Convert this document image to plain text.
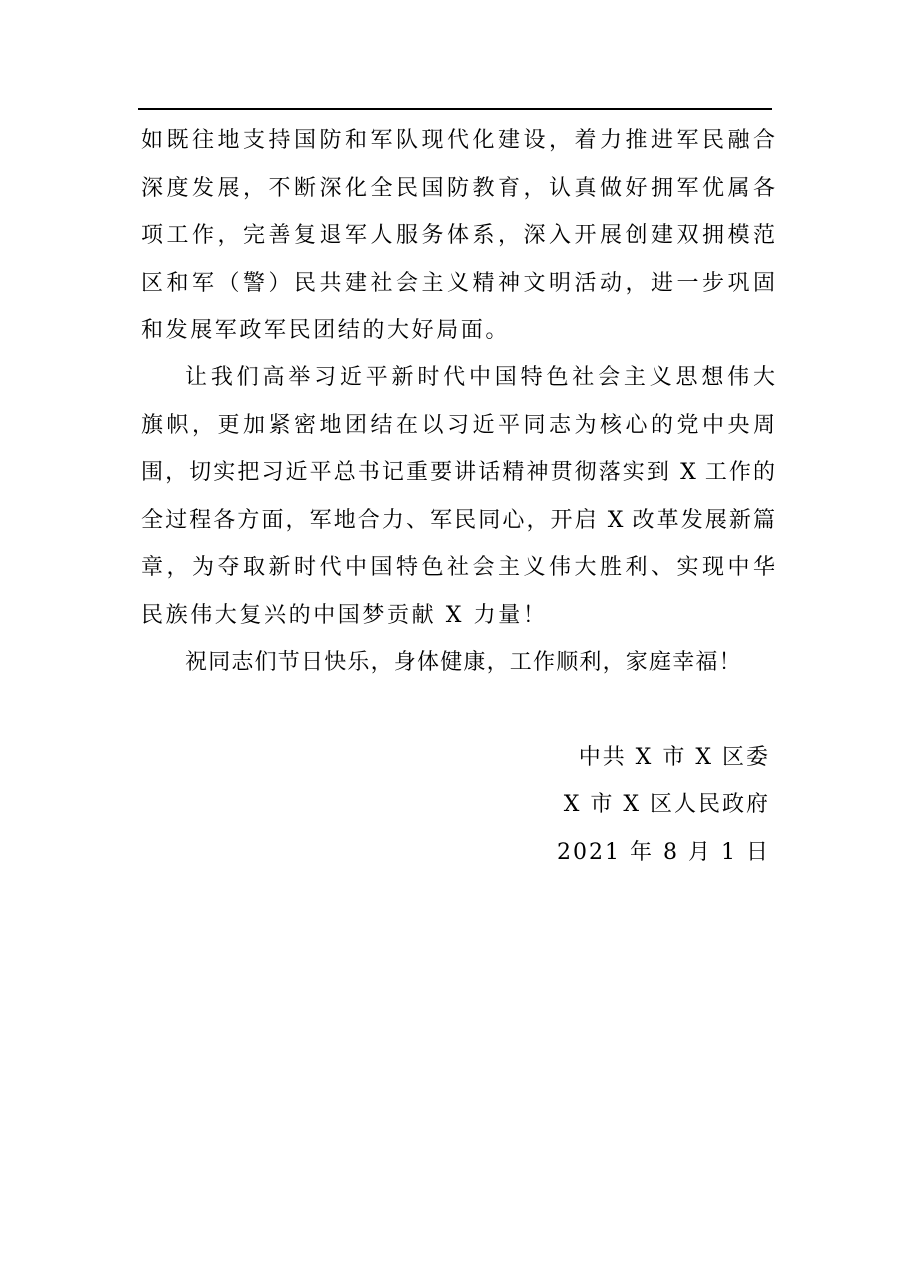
如既往地支持国防和军队现代化建设，着力推进军民融合
深度发展，不断深化全民国防教育，认真做好拥军优属各
项工作，完善复退军人服务体系，深入开展创建双拥模范
区和军（警）民共建社会主义精神文明活动，进一步巩固
和发展军政军民团结的大好局面。
让我们高举习近平新时代中国特色社会主义思想伟大
旗帜，更加紧密地团结在以习近平同志为核心的党中央周
围，切实把习近平总书记重要讲话精神贯彻落实到 X 工作的
全过程各方面，军地合力、军民同心，开启 X 改革发展新篇
章，为夺取新时代中国特色社会主义伟大胜利、实现中华
民族伟大复兴的中国梦贡献 X 力量！
祝同志们节日快乐，身体健康，工作顺利，家庭幸福！
中共 X 市 X 区委
X 市 X 区人民政府
2021 年 8 月 1 日
